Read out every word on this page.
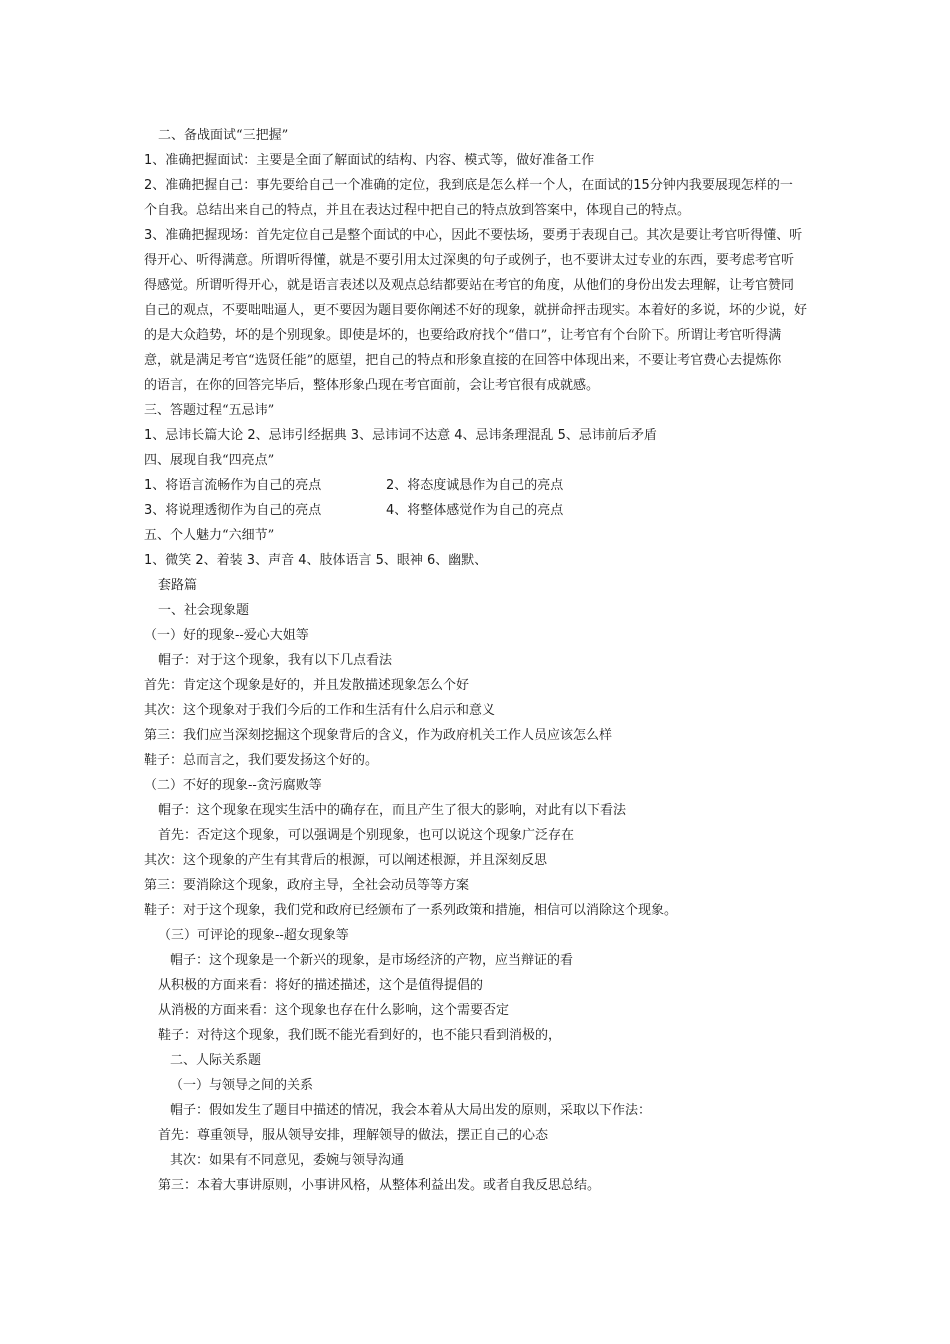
二、备战面试“三把握”
1、准确把握面试：主要是全面了解面试的结构、内容、模式等，做好准备工作
2、准确把握自己：事先要给自己一个准确的定位，我到底是怎么样一个人，在面试的15分钟内我要展现怎样的一
个自我。总结出来自己的特点，并且在表达过程中把自己的特点放到答案中，体现自己的特点。
3、准确把握现场：首先定位自己是整个面试的中心，因此不要怯场，要勇于表现自己。其次是要让考官听得懂、听
得开心、听得满意。所谓听得懂，就是不要引用太过深奥的句子或例子，也不要讲太过专业的东西，要考虑考官听
得感觉。所谓听得开心，就是语言表述以及观点总结都要站在考官的角度，从他们的身份出发去理解，让考官赞同
自己的观点，不要咄咄逼人，更不要因为题目要你阐述不好的现象，就拼命抨击现实。本着好的多说，坏的少说，好
的是大众趋势，坏的是个别现象。即使是坏的，也要给政府找个“借口”，让考官有个台阶下。所谓让考官听得满
意，就是满足考官“选贤任能”的愿望，把自己的特点和形象直接的在回答中体现出来，不要让考官费心去提炼你
的语言，在你的回答完毕后，整体形象凸现在考官面前，会让考官很有成就感。
三、答题过程“五忌讳”
1、忌讳长篇大论 2、忌讳引经据典 3、忌讳词不达意 4、忌讳条理混乱 5、忌讳前后矛盾
四、展现自我“四亮点”
1、将语言流畅作为自己的亮点	2、将态度诚恳作为自己的亮点
3、将说理透彻作为自己的亮点	4、将整体感觉作为自己的亮点
五、个人魅力“六细节”
1、微笑 2、着装 3、声音 4、肢体语言 5、眼神 6、幽默、
套路篇
一、社会现象题
（一）好的现象--爱心大姐等
帽子：对于这个现象，我有以下几点看法
首先：肯定这个现象是好的，并且发散描述现象怎么个好
其次：这个现象对于我们今后的工作和生活有什么启示和意义
第三：我们应当深刻挖掘这个现象背后的含义，作为政府机关工作人员应该怎么样
鞋子：总而言之，我们要发扬这个好的。
（二）不好的现象--贪污腐败等
帽子：这个现象在现实生活中的确存在，而且产生了很大的影响，对此有以下看法
首先：否定这个现象，可以强调是个别现象，也可以说这个现象广泛存在
其次：这个现象的产生有其背后的根源，可以阐述根源，并且深刻反思
第三：要消除这个现象，政府主导，全社会动员等等方案
鞋子：对于这个现象，我们党和政府已经颁布了一系列政策和措施，相信可以消除这个现象。
（三）可评论的现象--超女现象等
帽子：这个现象是一个新兴的现象，是市场经济的产物，应当辩证的看
从积极的方面来看：将好的描述描述，这个是值得提倡的
从消极的方面来看：这个现象也存在什么影响，这个需要否定
鞋子：对待这个现象，我们既不能光看到好的，也不能只看到消极的，
二、人际关系题
（一）与领导之间的关系
帽子：假如发生了题目中描述的情况，我会本着从大局出发的原则，采取以下作法：
首先：尊重领导，服从领导安排，理解领导的做法，摆正自己的心态
其次：如果有不同意见，委婉与领导沟通
第三：本着大事讲原则，小事讲风格，从整体利益出发。或者自我反思总结。
